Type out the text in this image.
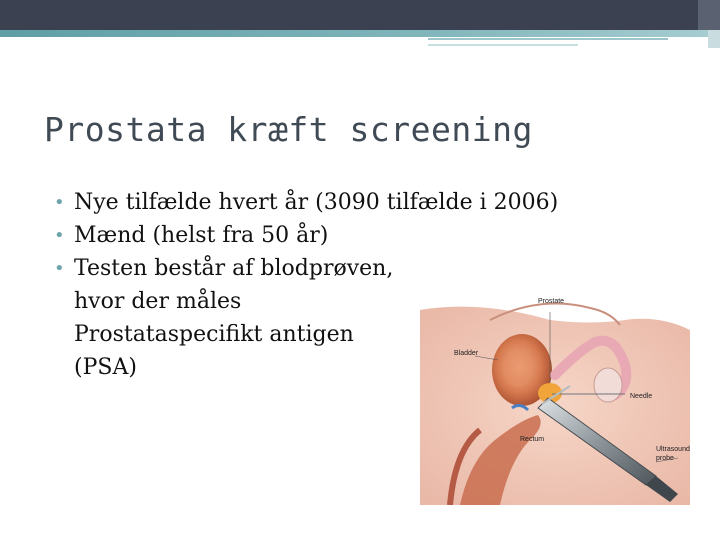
Prostata kræft screening
• Nye tilfælde hvert år (3090 tilfælde i 2006)
• Mænd (helst fra 50 år)
• Testen består af blodprøven,
hvor der måles
Prostataspecifikt antigen
(PSA)
Prostate
Bladder
Needle
Rectum
Ultrasound
probe
